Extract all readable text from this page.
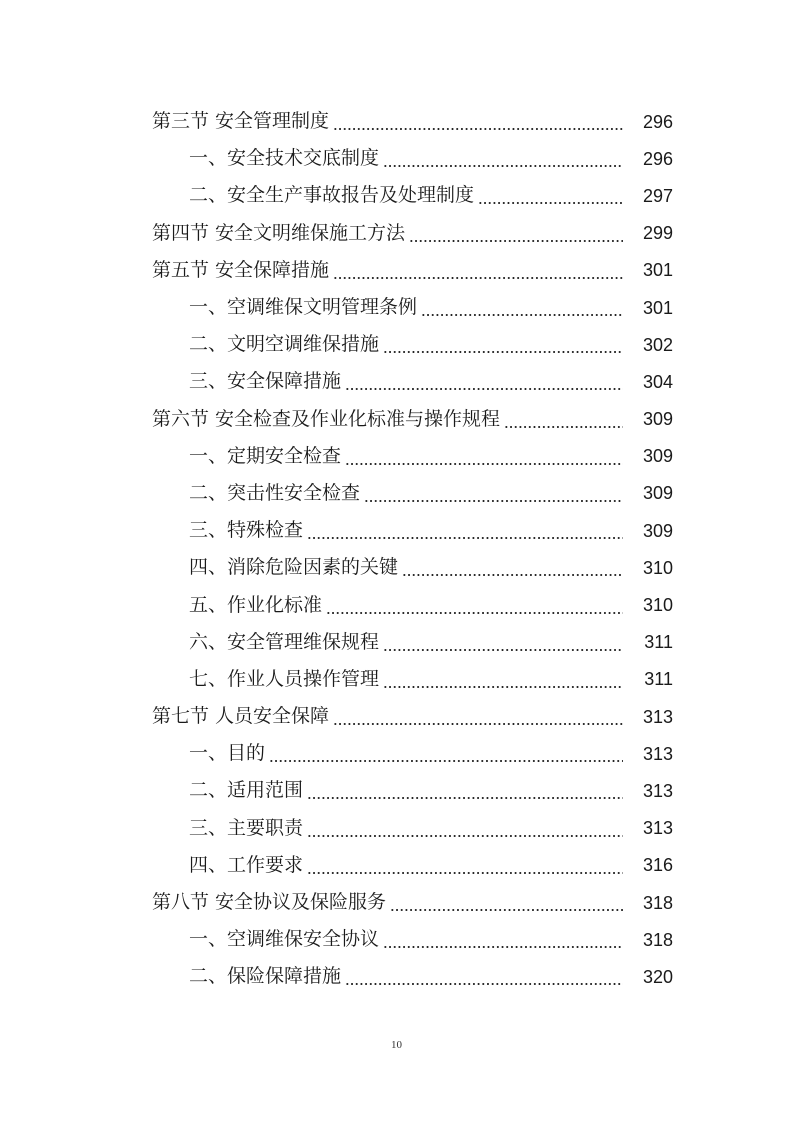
第三节 安全管理制度	296
一、安全技术交底制度	296
二、安全生产事故报告及处理制度	297
第四节 安全文明维保施工方法	299
第五节 安全保障措施	301
一、空调维保文明管理条例	301
二、文明空调维保措施	302
三、安全保障措施	304
第六节 安全检查及作业化标准与操作规程	309
一、定期安全检查	309
二、突击性安全检查	309
三、特殊检查	309
四、消除危险因素的关键	310
五、作业化标准	310
六、安全管理维保规程	311
七、作业人员操作管理	311
第七节 人员安全保障	313
一、目的	313
二、适用范围	313
三、主要职责	313
四、工作要求	316
第八节 安全协议及保险服务	318
一、空调维保安全协议	318
二、保险保障措施	320
10
